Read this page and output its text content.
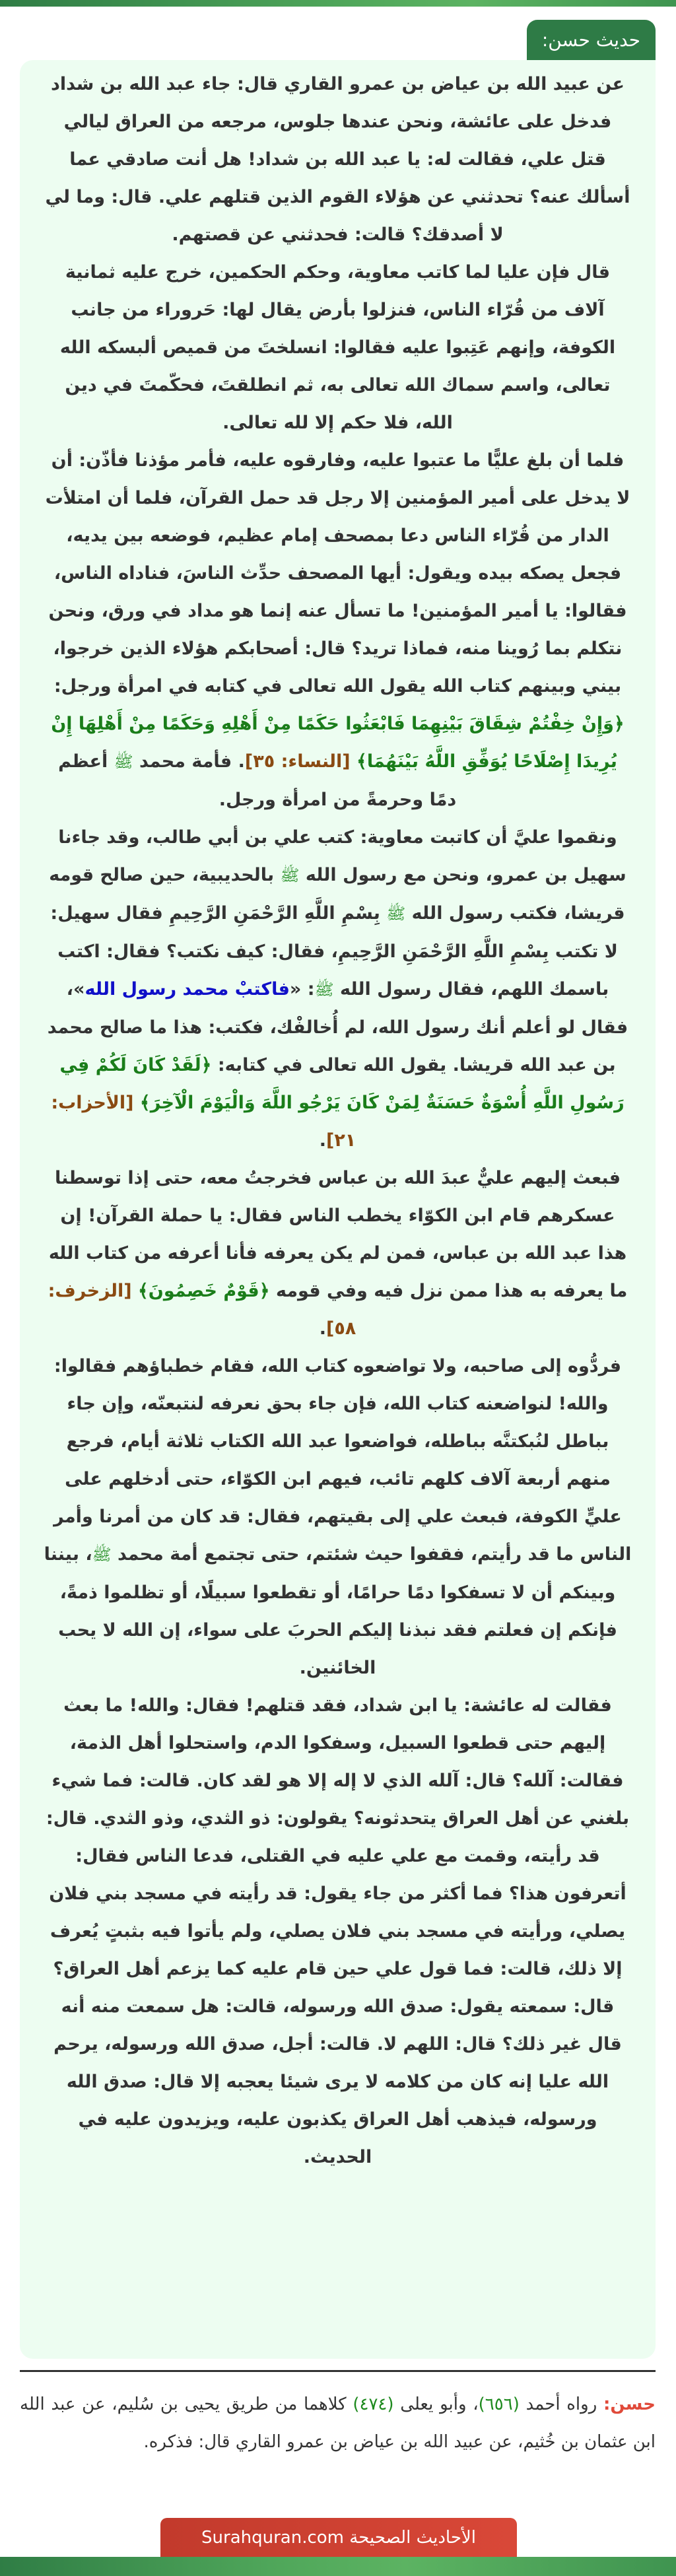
حديث حسن:

عن عبيد الله بن عياض بن عمرو القاري قال: جاء عبد الله بن شداد فدخل على عائشة، ونحن عندها جلوس، مرجعه من العراق ليالي قتل علي، فقالت له: يا عبد الله بن شداد! هل أنت صادقي عما أسألك عنه؟ تحدثني عن هؤلاء القوم الذين قتلهم علي. قال: وما لي لا أصدقك؟ قالت: فحدثني عن قصتهم.

قال فإن عليا لما كاتب معاوية، وحكم الحكمين، خرج عليه ثمانية آلاف من قُرّاء الناس، فنزلوا بأرض يقال لها: حَروراء من جانب الكوفة، وإنهم عَتِبوا عليه فقالوا: انسلختَ من قميص ألبسكه الله تعالى، واسم سماك الله تعالى به، ثم انطلقتَ، فحكّمتَ في دين الله، فلا حكم إلا لله تعالى.

فلما أن بلغ عليًّا ما عتبوا عليه، وفارقوه عليه، فأمر مؤذنا فأذّن: أن لا يدخل على أمير المؤمنين إلا رجل قد حمل القرآن، فلما أن امتلأت الدار من قُرّاء الناس دعا بمصحف إمام عظيم، فوضعه بين يديه، فجعل يصكه بيده ويقول: أيها المصحف حدِّث الناسَ، فناداه الناس، فقالوا: يا أمير المؤمنين! ما تسأل عنه إنما هو مداد في ورق، ونحن نتكلم بما رُوينا منه، فماذا تريد؟ قال: أصحابكم هؤلاء الذين خرجوا، بيني وبينهم كتاب الله يقول الله تعالى في كتابه في امرأة ورجل: ﴿وَإِنْ خِفْتُمْ شِقَاقَ بَيْنِهِمَا فَابْعَثُوا حَكَمًا مِنْ أَهْلِهِ وَحَكَمًا مِنْ أَهْلِهَا إِنْ يُرِيدَا إِصْلَاحًا يُوَفِّقِ اللَّهُ بَيْنَهُمَا﴾ [النساء: ٣٥]. فأمة محمد ﷺ أعظم دمًا وحرمةً من امرأة ورجل.

ونقموا عليَّ أن كاتبت معاوية: كتب علي بن أبي طالب، وقد جاءنا سهيل بن عمرو، ونحن مع رسول الله ﷺ بالحديبية، حين صالح قومه قريشا، فكتب رسول الله ﷺ بِسْمِ اللَّهِ الرَّحْمَنِ الرَّحِيمِ فقال سهيل: لا تكتب بِسْمِ اللَّهِ الرَّحْمَنِ الرَّحِيمِ، فقال: كيف نكتب؟ فقال: اكتب باسمك اللهم، فقال رسول الله ﷺ: «فاكتبْ محمد رسول الله»، فقال لو أعلم أنك رسول الله، لم أُخالفْك، فكتب: هذا ما صالح محمد بن عبد الله قريشا. يقول الله تعالى في كتابه: ﴿لَقَدْ كَانَ لَكُمْ فِي رَسُولِ اللَّهِ أُسْوَةٌ حَسَنَةٌ لِمَنْ كَانَ يَرْجُو اللَّهَ وَالْيَوْمَ الْآخِرَ﴾ [الأحزاب: ٢١].

فبعث إليهم عليٌّ عبدَ الله بن عباس فخرجتُ معه، حتى إذا توسطنا عسكرهم قام ابن الكوّاء يخطب الناس فقال: يا حملة القرآن! إن هذا عبد الله بن عباس، فمن لم يكن يعرفه فأنا أعرفه من كتاب الله ما يعرفه به هذا ممن نزل فيه وفي قومه ﴿قَوْمٌ خَصِمُونَ﴾ [الزخرف: ٥٨].

فردُّوه إلى صاحبه، ولا تواضعوه كتاب الله، فقام خطباؤهم فقالوا: والله! لنواضعنه كتاب الله، فإن جاء بحق نعرفه لنتبعنّه، وإن جاء بباطل لنُبكتنَّه بباطله، فواضعوا عبد الله الكتاب ثلاثة أيام، فرجع منهم أربعة آلاف كلهم تائب، فيهم ابن الكوّاء، حتى أدخلهم على عليٍّ الكوفة، فبعث علي إلى بقيتهم، فقال: قد كان من أمرنا وأمر الناس ما قد رأيتم، فقفوا حيث شئتم، حتى تجتمع أمة محمد ﷺ، بيننا وبينكم أن لا تسفكوا دمًا حرامًا، أو تقطعوا سبيلًا، أو تظلموا ذمةً، فإنكم إن فعلتم فقد نبذنا إليكم الحربَ على سواء، إن الله لا يحب الخائنين.

فقالت له عائشة: يا ابن شداد، فقد قتلهم! فقال: والله! ما بعث إليهم حتى قطعوا السبيل، وسفكوا الدم، واستحلوا أهل الذمة، فقالت: آلله؟ قال: آلله الذي لا إله إلا هو لقد كان. قالت: فما شيء بلغني عن أهل العراق يتحدثونه؟ يقولون: ذو الثدي، وذو الثدي. قال: قد رأيته، وقمت مع علي عليه في القتلى، فدعا الناس فقال: أتعرفون هذا؟ فما أكثر من جاء يقول: قد رأيته في مسجد بني فلان يصلي، ورأيته في مسجد بني فلان يصلي، ولم يأتوا فيه بثبتٍ يُعرف إلا ذلك، قالت: فما قول علي حين قام عليه كما يزعم أهل العراق؟ قال: سمعته يقول: صدق الله ورسوله، قالت: هل سمعت منه أنه قال غير ذلك؟ قال: اللهم لا. قالت: أجل، صدق الله ورسوله، يرحم الله عليا إنه كان من كلامه لا يرى شيئا يعجبه إلا قال: صدق الله ورسوله، فيذهب أهل العراق يكذبون عليه، ويزيدون عليه في الحديث.

حسن: رواه أحمد (٦٥٦)، وأبو يعلى (٤٧٤) كلاهما من طريق يحيى بن سُليم، عن عبد الله ابن عثمان بن خُثيم، عن عبيد الله بن عياض بن عمرو القاري قال: فذكره.
الأحاديث الصحيحة Surahquran.com
